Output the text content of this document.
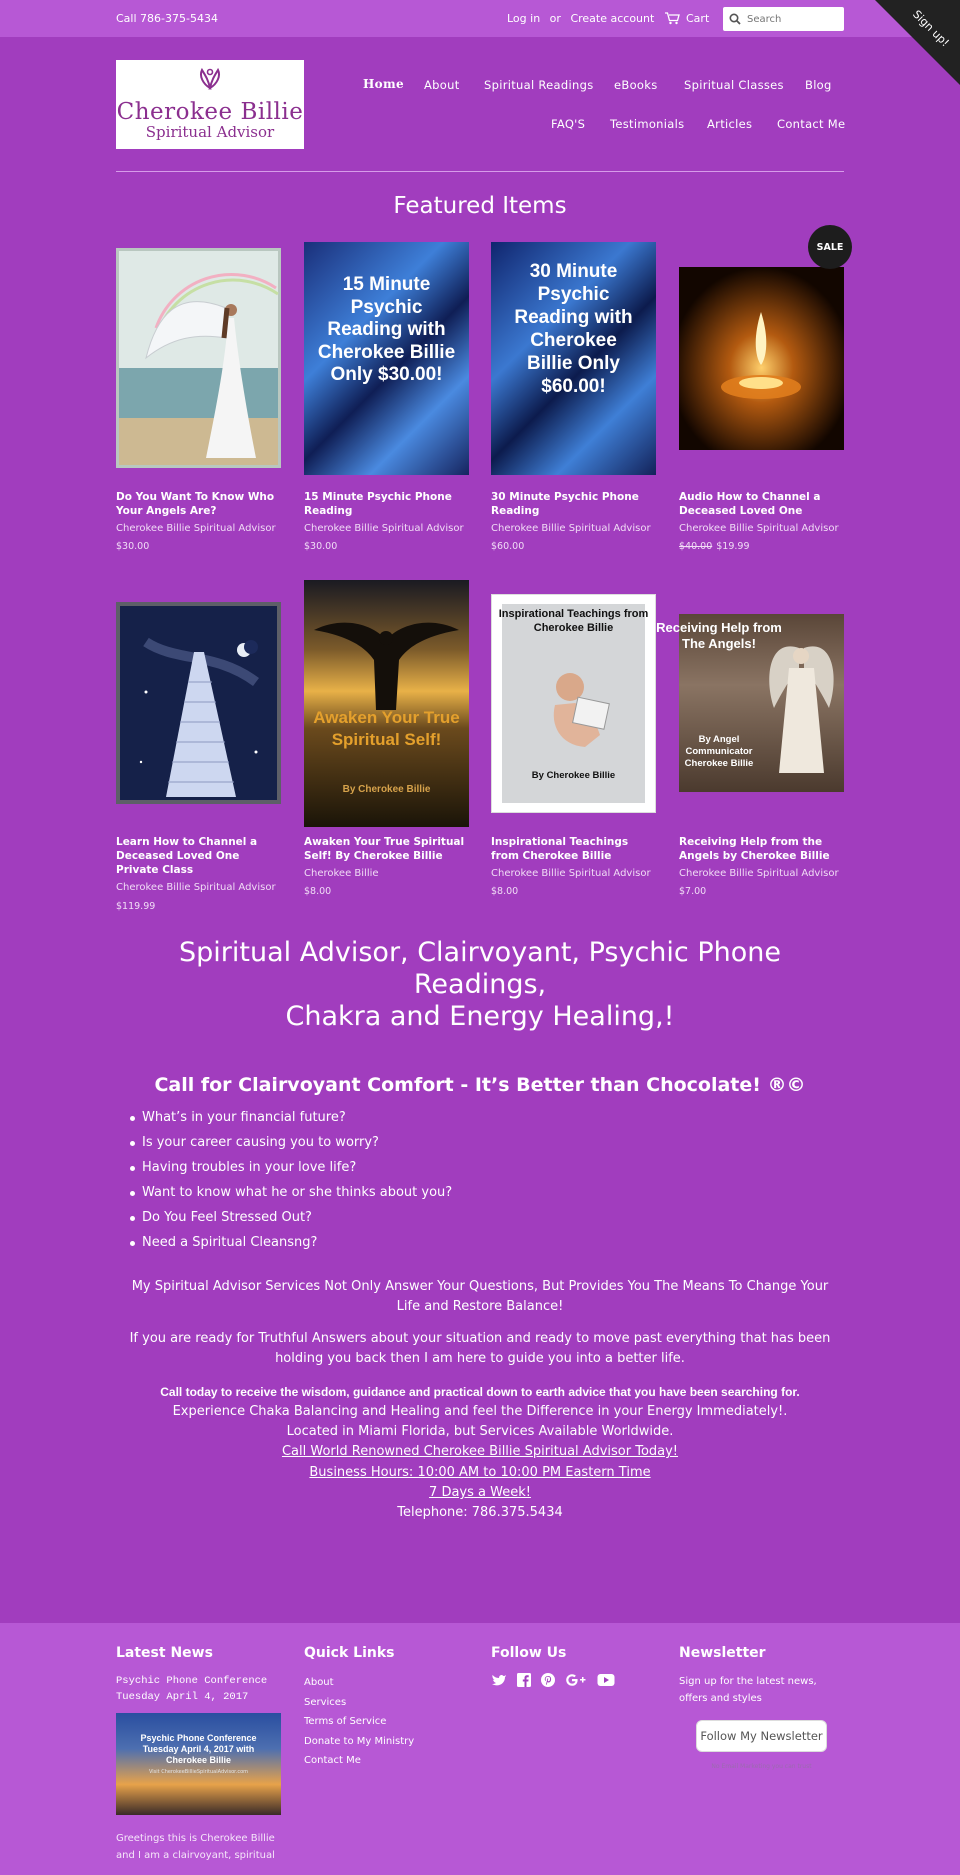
Call 786-375-5434	Log in or Create account	Cart
Search	Sign up!
Cherokee Billie
Spiritual Advisor
Home About Spiritual Readings eBooks Spiritual Classes Blog
FAQ'S Testimonials Articles Contact Me
Featured Items
Do You Want To Know Who Your Angels Are?
Cherokee Billie Spiritual Advisor
$30.00
15 Minute Psychic Reading with Cherokee Billie Only $30.00!
15 Minute Psychic Phone Reading
Cherokee Billie Spiritual Advisor
$30.00
30 Minute Psychic Reading with Cherokee Billie Only $60.00!
30 Minute Psychic Phone Reading
Cherokee Billie Spiritual Advisor
$60.00
Audio How to Channel a Deceased Loved One
Cherokee Billie Spiritual Advisor
$40.00 $19.99
SALE
Learn How to Channel a Deceased Loved One Private Class
Cherokee Billie Spiritual Advisor
$119.99
Awaken Your True Spiritual Self!
By Cherokee Billie
Awaken Your True Spiritual Self! By Cherokee Billie
Cherokee Billie
$8.00
Inspirational Teachings from Cherokee Billie
By Cherokee Billie
Inspirational Teachings from Cherokee Billie
Cherokee Billie Spiritual Advisor
$8.00
Receiving Help from The Angels!
By Angel Communicator Cherokee Billie
Receiving Help from the Angels by Cherokee Billie
Cherokee Billie Spiritual Advisor
$7.00
Spiritual Advisor, Clairvoyant, Psychic Phone Readings,
Chakra and Energy Healing,!
Call for Clairvoyant Comfort - It’s Better than Chocolate! ®©
What’s in your financial future?
Is your career causing you to worry?
Having troubles in your love life?
Want to know what he or she thinks about you?
Do You Feel Stressed Out?
Need a Spiritual Cleansng?
My Spiritual Advisor Services Not Only Answer Your Questions, But Provides You The Means To Change Your Life and Restore Balance!
If you are ready for Truthful Answers about your situation and ready to move past everything that has been holding you back then I am here to guide you into a better life.
Call today to receive the wisdom, guidance and practical down to earth advice that you have been searching for.
Experience Chaka Balancing and Healing and feel the Difference in your Energy Immediately!.
Located in Miami Florida, but Services Available Worldwide.
Call World Renowned Cherokee Billie Spiritual Advisor Today!
Business Hours: 10:00 AM to 10:00 PM Eastern Time
7 Days a Week!
Telephone: 786.375.5434
Latest News
Psychic Phone Conference Tuesday April 4, 2017
Psychic Phone Conference Tuesday April 4, 2017 with Cherokee Billie
Visit CherokeeBillieSpiritualAdvisor.com
Greetings this is Cherokee Billie and I am a clairvoyant, spiritual
Quick Links
About
Services
Terms of Service
Donate to My Ministry
Contact Me
Follow Us	Newsletter
Sign up for the latest news, offers and styles
Follow My Newsletter
No Email Marketing you can trust
